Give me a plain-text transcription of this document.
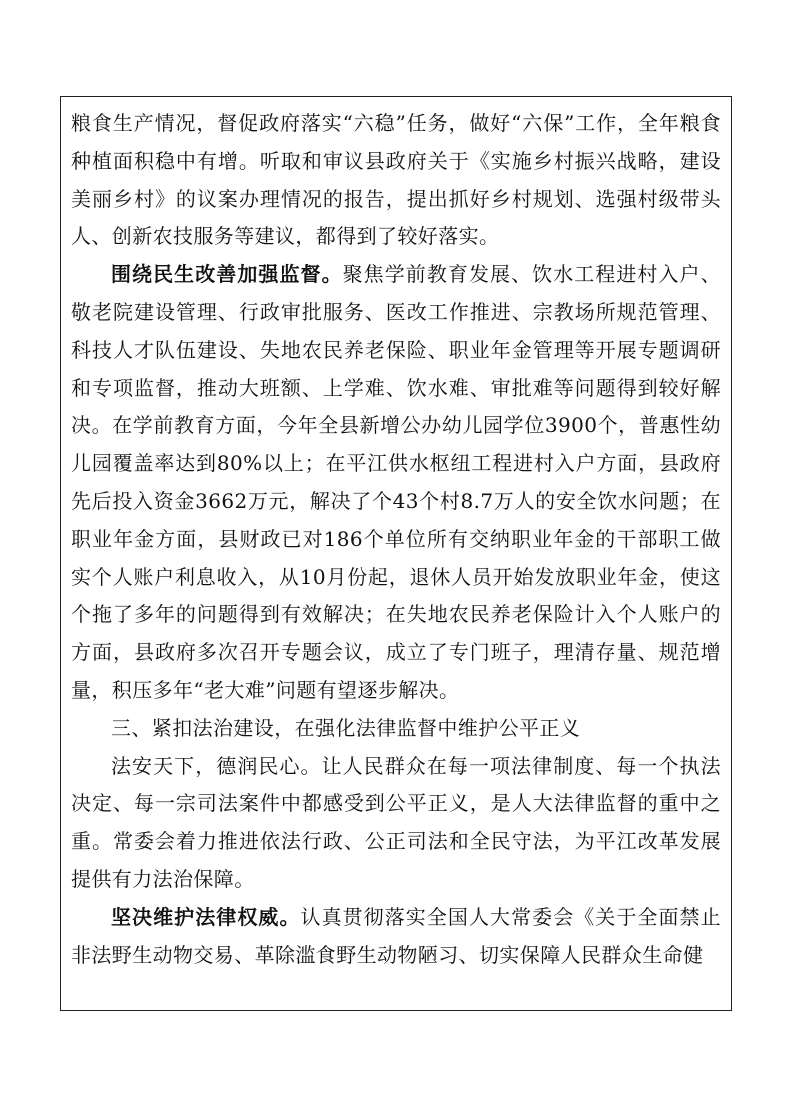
粮食生产情况，督促政府落实“六稳”任务，做好“六保”工作，全年粮食种植面积稳中有增。听取和审议县政府关于《实施乡村振兴战略，建设美丽乡村》的议案办理情况的报告，提出抓好乡村规划、选强村级带头人、创新农技服务等建议，都得到了较好落实。

围绕民生改善加强监督。聚焦学前教育发展、饮水工程进村入户、敬老院建设管理、行政审批服务、医改工作推进、宗教场所规范管理、科技人才队伍建设、失地农民养老保险、职业年金管理等开展专题调研和专项监督，推动大班额、上学难、饮水难、审批难等问题得到较好解决。在学前教育方面，今年全县新增公办幼儿园学位3900个，普惠性幼儿园覆盖率达到80%以上；在平江供水枢纽工程进村入户方面，县政府先后投入资金3662万元，解决了个43个村8.7万人的安全饮水问题；在职业年金方面，县财政已对186个单位所有交纳职业年金的干部职工做实个人账户利息收入，从10月份起，退休人员开始发放职业年金，使这个拖了多年的问题得到有效解决；在失地农民养老保险计入个人账户的方面，县政府多次召开专题会议，成立了专门班子，理清存量、规范增量，积压多年“老大难”问题有望逐步解决。

三、紧扣法治建设，在强化法律监督中维护公平正义

法安天下，德润民心。让人民群众在每一项法律制度、每一个执法决定、每一宗司法案件中都感受到公平正义，是人大法律监督的重中之重。常委会着力推进依法行政、公正司法和全民守法，为平江改革发展提供有力法治保障。

坚决维护法律权威。认真贯彻落实全国人大常委会《关于全面禁止非法野生动物交易、革除滥食野生动物陋习、切实保障人民群众生命健
